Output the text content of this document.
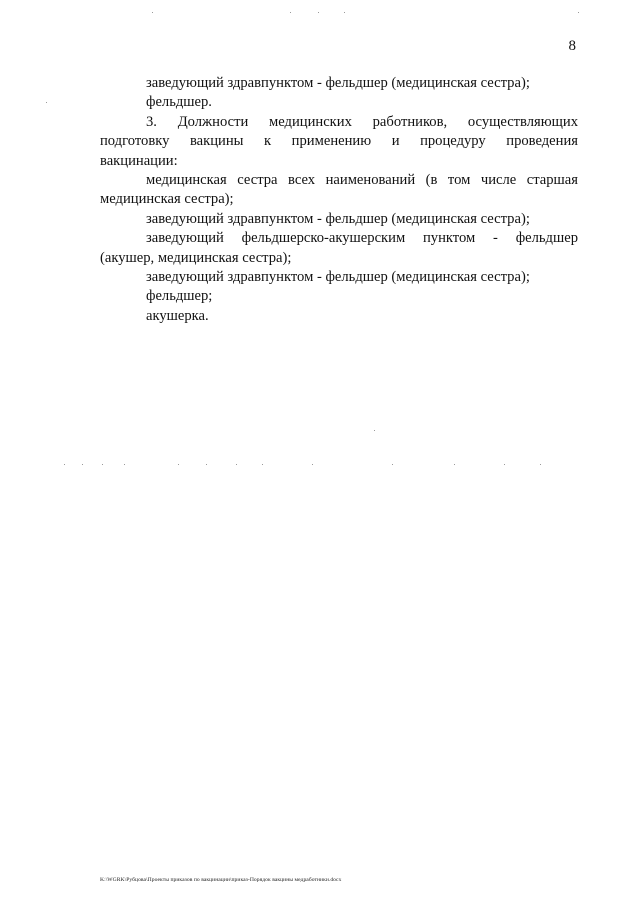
8

заведующий здравпунктом - фельдшер (медицинская сестра);

фельдшер.

3. Должности медицинских работников, осуществляющих

подготовку вакцины к применению и процедуру проведения

вакцинации:

медицинская сестра всех наименований (в том числе старшая

медицинская сестра);

заведующий здравпунктом - фельдшер (медицинская сестра);

заведующий фельдшерско-акушерским пунктом - фельдшер

(акушер, медицинская сестра);

заведующий здравпунктом - фельдшер (медицинская сестра);

фельдшер;

акушерка.

K:\WGRK\Рубцова\Проекты приказов по вакцинации\приказ-Порядок вакцины медработники.docx
